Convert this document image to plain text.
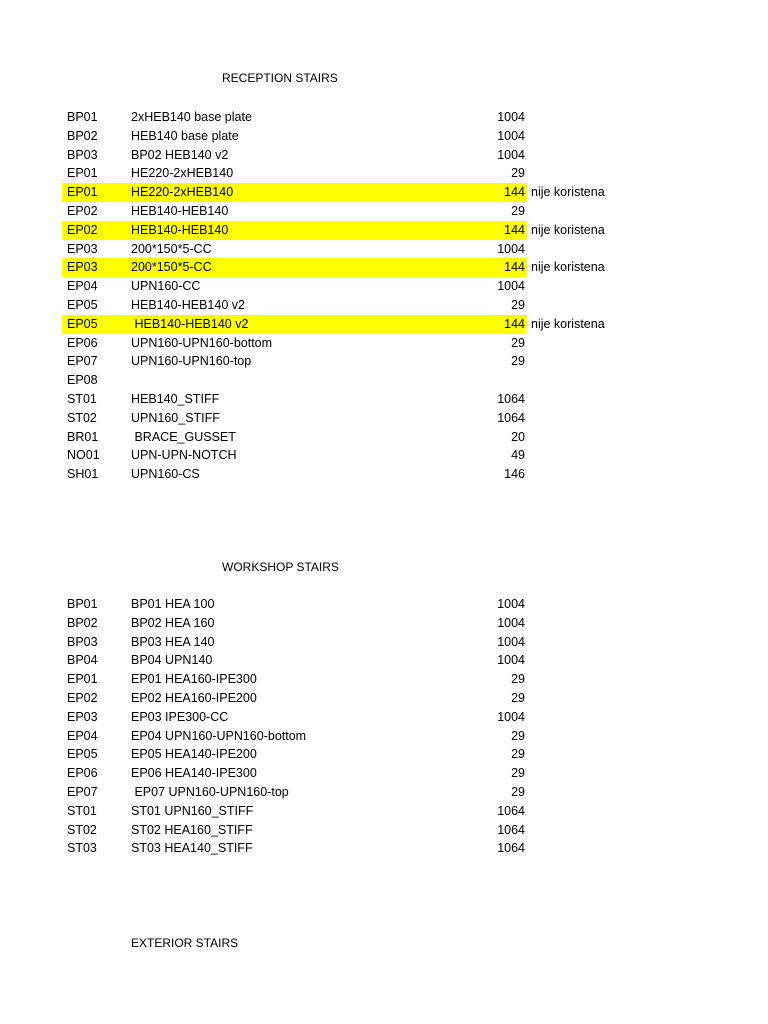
RECEPTION STAIRS
BP01	2xHEB140 base plate	1004
BP02	HEB140 base plate	1004
BP03	BP02 HEB140 v2	1004
EP01	HE220-2xHEB140	29
EP01	HE220-2xHEB140	144 nije koristena
EP02	HEB140-HEB140	29
EP02	HEB140-HEB140	144 nije koristena
EP03	200*150*5-CC	1004
EP03	200*150*5-CC	144 nije koristena
EP04	UPN160-CC	1004
EP05	HEB140-HEB140 v2	29
EP05	HEB140-HEB140 v2	144 nije koristena
EP06	UPN160-UPN160-bottom	29
EP07	UPN160-UPN160-top	29
EP08
ST01	HEB140_STIFF	1064
ST02	UPN160_STIFF	1064
BR01	BRACE_GUSSET	20
NO01	UPN-UPN-NOTCH	49
SH01	UPN160-CS	146
WORKSHOP STAIRS
BP01	BP01 HEA 100	1004
BP02	BP02 HEA 160	1004
BP03	BP03 HEA 140	1004
BP04	BP04 UPN140	1004
EP01	EP01 HEA160-IPE300	29
EP02	EP02 HEA160-IPE200	29
EP03	EP03 IPE300-CC	1004
EP04	EP04 UPN160-UPN160-bottom	29
EP05	EP05 HEA140-IPE200	29
EP06	EP06 HEA140-IPE300	29
EP07	EP07 UPN160-UPN160-top	29
ST01	ST01 UPN160_STIFF	1064
ST02	ST02 HEA160_STIFF	1064
ST03	ST03 HEA140_STIFF	1064
EXTERIOR STAIRS
